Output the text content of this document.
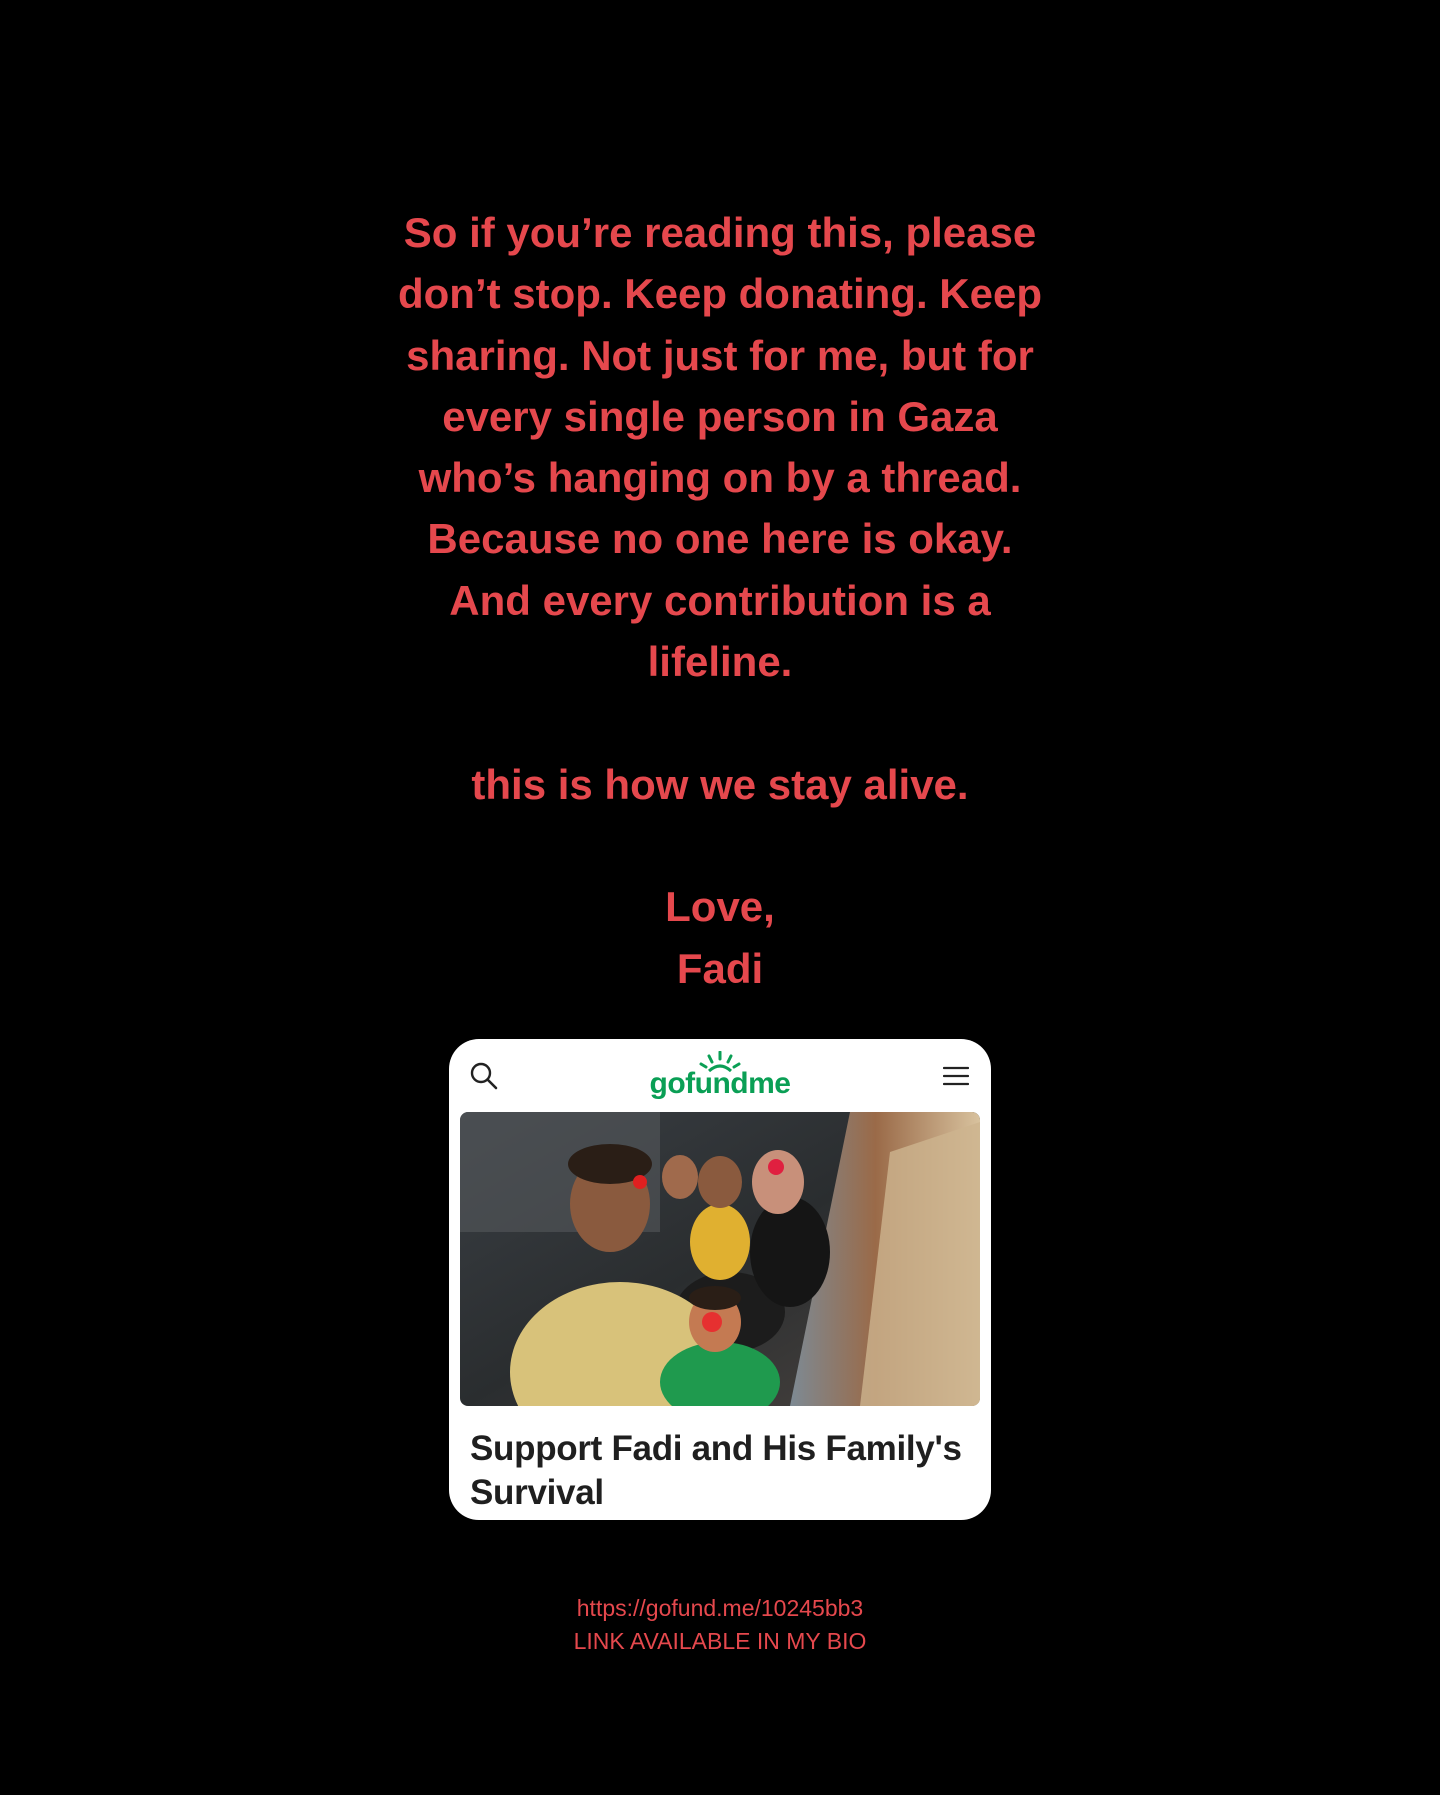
So if you’re reading this, please

don’t stop. Keep donating. Keep

sharing. Not just for me, but for

every single person in Gaza

who’s hanging on by a thread.

Because no one here is okay.

And every contribution is a

lifeline.

this is how we stay alive.

Love,

Fadi

gofundme

Support Fadi and His Family's Survival

https://gofund.me/10245bb3
LINK AVAILABLE IN MY BIO
